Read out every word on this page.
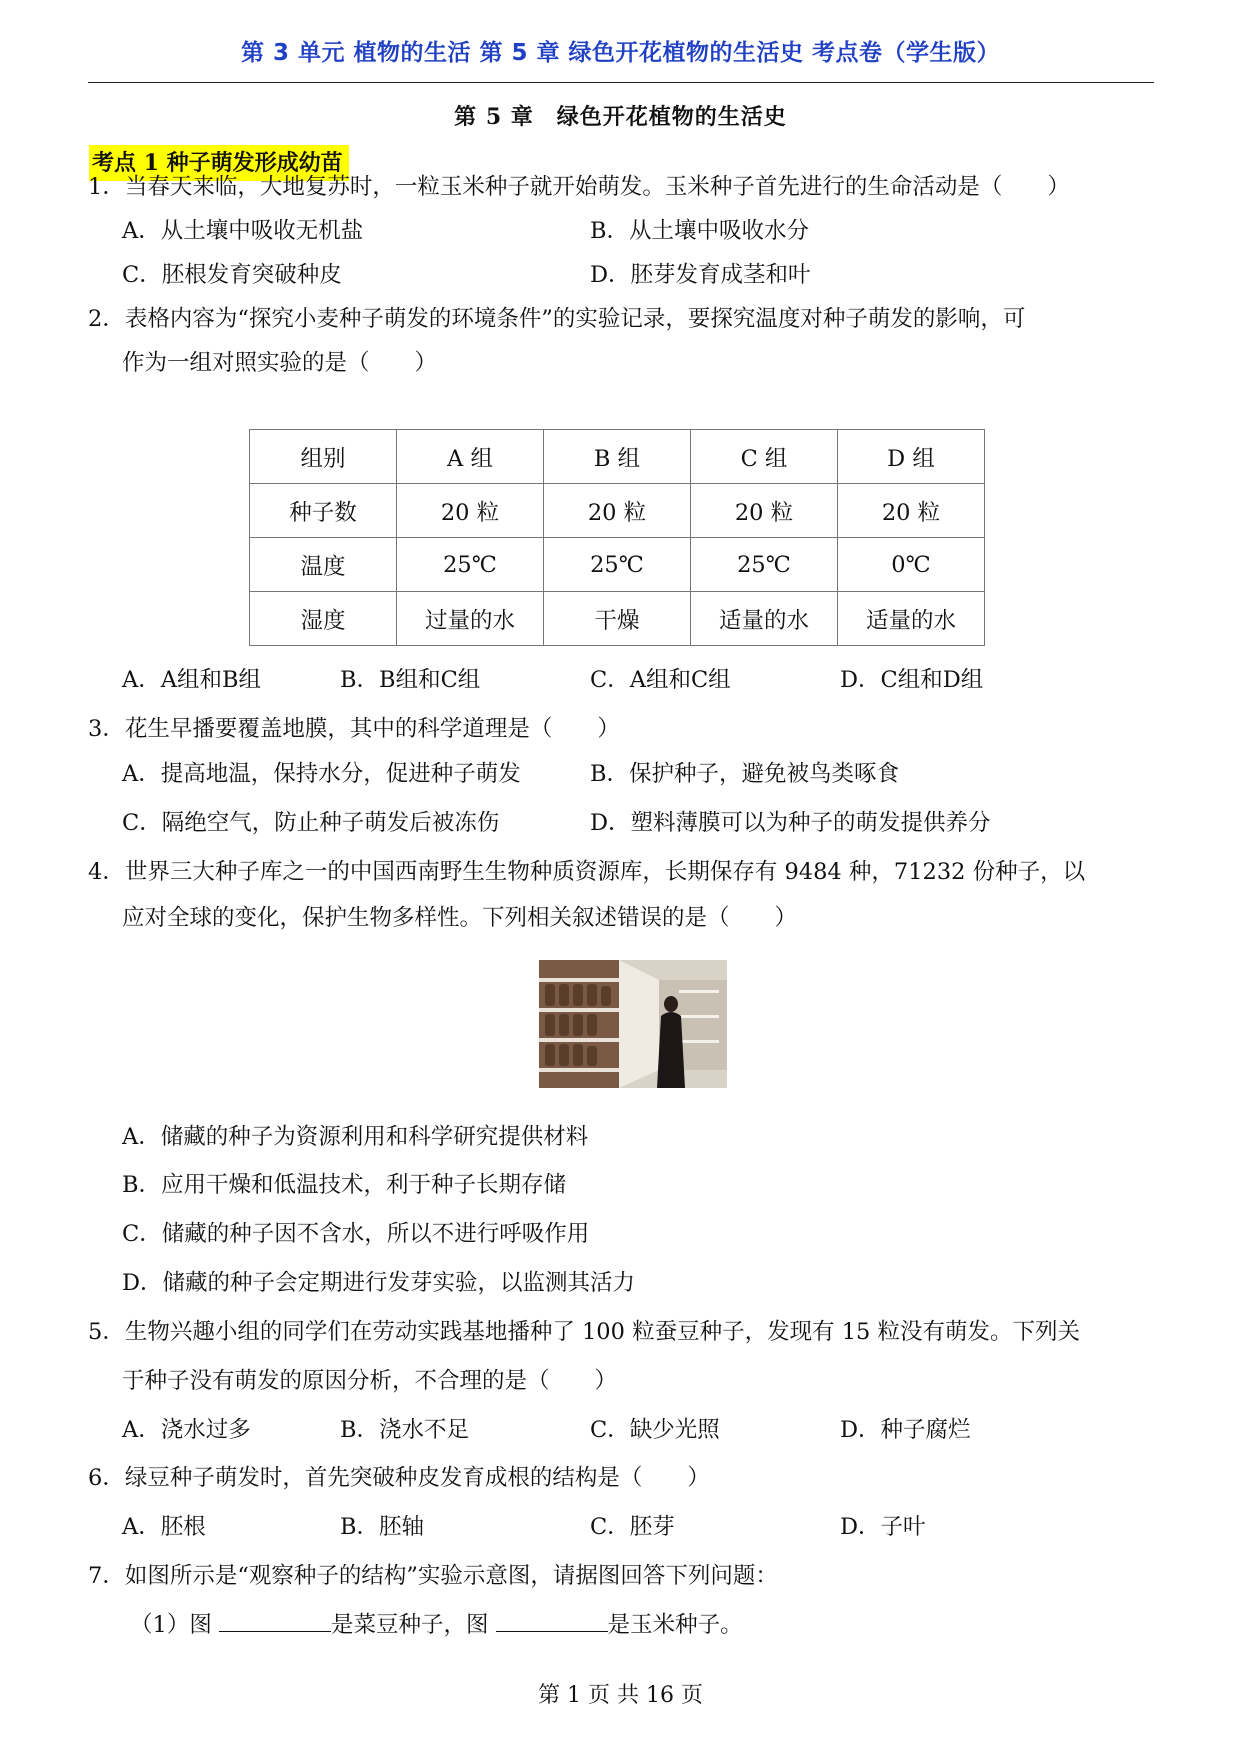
第 3 单元 植物的生活 第 5 章 绿色开花植物的生活史 考点卷（学生版）
第 5 章　绿色开花植物的生活史
考点 1 种子萌发形成幼苗
1．当春天来临，大地复苏时，一粒玉米种子就开始萌发。玉米种子首先进行的生命活动是（　　）
A．从土壤中吸收无机盐	B．从土壤中吸收水分
C．胚根发育突破种皮	D．胚芽发育成茎和叶
2．表格内容为“探究小麦种子萌发的环境条件”的实验记录，要探究温度对种子萌发的影响，可
作为一组对照实验的是（　　）
组别	A 组	B 组	C 组	D 组
种子数	20 粒	20 粒	20 粒	20 粒
温度	25℃	25℃	25℃	0℃
湿度	过量的水	干燥	适量的水	适量的水
A．A组和B组	B．B组和C组	C．A组和C组	D．C组和D组
3．花生早播要覆盖地膜，其中的科学道理是（　　）
A．提高地温，保持水分，促进种子萌发	B．保护种子，避免被鸟类啄食
C．隔绝空气，防止种子萌发后被冻伤	D．塑料薄膜可以为种子的萌发提供养分
4．世界三大种子库之一的中国西南野生生物种质资源库，长期保存有 9484 种，71232 份种子，以
应对全球的变化，保护生物多样性。下列相关叙述错误的是（　　）
A．储藏的种子为资源利用和科学研究提供材料
B．应用干燥和低温技术，利于种子长期存储
C．储藏的种子因不含水，所以不进行呼吸作用
D．储藏的种子会定期进行发芽实验，以监测其活力
5．生物兴趣小组的同学们在劳动实践基地播种了 100 粒蚕豆种子，发现有 15 粒没有萌发。下列关
于种子没有萌发的原因分析，不合理的是（　　）
A．浇水过多	B．浇水不足	C．缺少光照	D．种子腐烂
6．绿豆种子萌发时，首先突破种皮发育成根的结构是（　　）
A．胚根	B．胚轴	C．胚芽	D．子叶
7．如图所示是“观察种子的结构”实验示意图，请据图回答下列问题：
（1）图	是菜豆种子，图	是玉米种子。
第 1 页 共 16 页
